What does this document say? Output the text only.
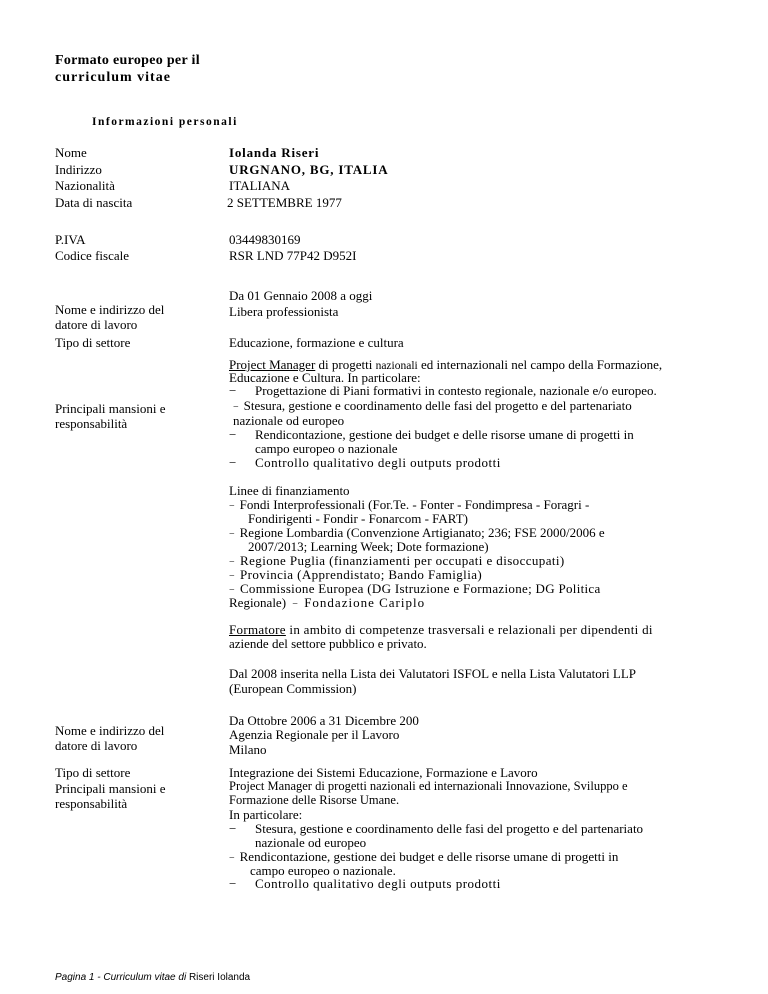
Formato europeo per il
curriculum vitae
Informazioni personali
Nome
Indirizzo
Nazionalità
Data di nascita
Iolanda Riseri
URGNANO, BG, ITALIA
ITALIANA
2 SETTEMBRE 1977
P.IVA
Codice fiscale
03449830169
RSR LND 77P42 D952I
Nome e indirizzo del
datore di lavoro
Da 01 Gennaio 2008 a oggi
Libera professionista
Tipo di settore	Educazione, formazione e cultura
Principali mansioni e
responsabilità
Project Manager di progetti nazionali ed internazionali nel campo della Formazione,
Educazione e Cultura. In particolare:
− Progettazione di Piani formativi in contesto regionale, nazionale e/o europeo.
− Stesura, gestione e coordinamento delle fasi del progetto e del partenariato
nazionale od europeo
− Rendicontazione, gestione dei budget e delle risorse umane di progetti in
campo europeo o nazionale
− Controllo qualitativo degli outputs prodotti
Linee di finanziamento
− Fondi Interprofessionali (For.Te. - Fonter - Fondimpresa - Foragri -
Fondirigenti - Fondir - Fonarcom - FART)
− Regione Lombardia (Convenzione Artigianato; 236; FSE 2000/2006 e
2007/2013; Learning Week; Dote formazione)
− Regione Puglia (finanziamenti per occupati e disoccupati)
− Provincia (Apprendistato; Bando Famiglia)
− Commissione Europea (DG Istruzione e Formazione; DG Politica
Regionale) − Fondazione Cariplo
Formatore in ambito di competenze trasversali e relazionali per dipendenti di
aziende del settore pubblico e privato.
Dal 2008 inserita nella Lista dei Valutatori ISFOL e nella Lista Valutatori LLP
(European Commission)
Nome e indirizzo del
datore di lavoro
Da Ottobre 2006 a 31 Dicembre 200
Agenzia Regionale per il Lavoro
Milano
Tipo di settore
Principali mansioni e
responsabilità
Integrazione dei Sistemi Educazione, Formazione e Lavoro
Project Manager di progetti nazionali ed internazionali Innovazione, Sviluppo e
Formazione delle Risorse Umane.
In particolare:
− Stesura, gestione e coordinamento delle fasi del progetto e del partenariato
nazionale od europeo
− Rendicontazione, gestione dei budget e delle risorse umane di progetti in
campo europeo o nazionale.
− Controllo qualitativo degli outputs prodotti
Pagina 1 - Curriculum vitae di Riseri Iolanda
